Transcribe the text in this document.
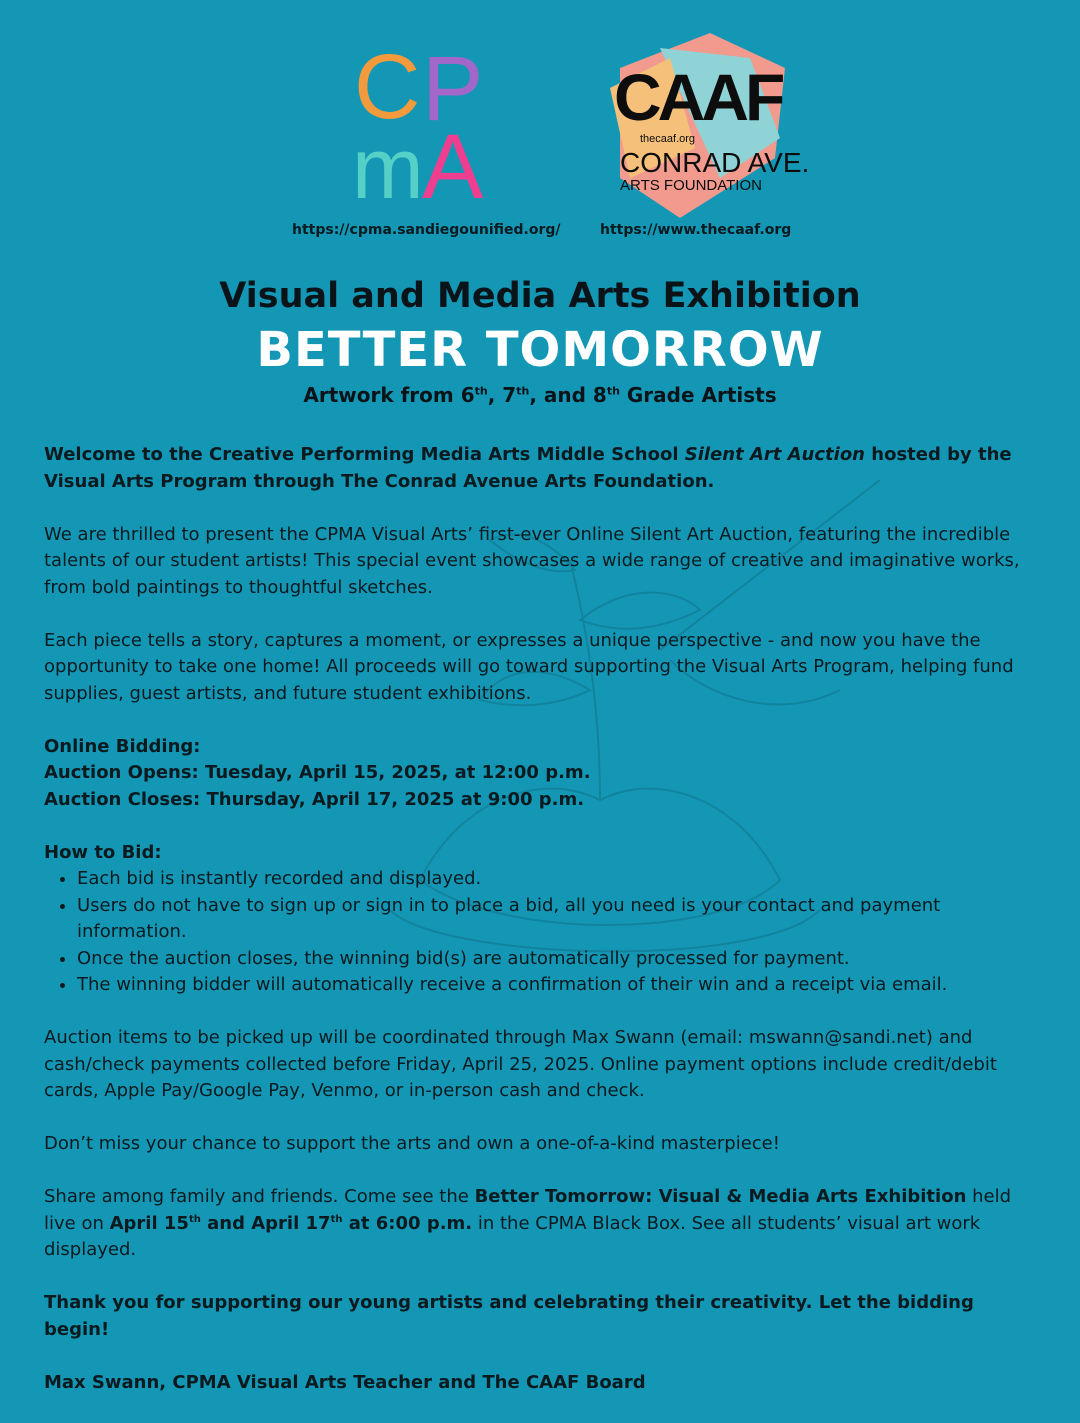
C P
m
A
CAAF
thecaaf.org
CONRAD AVE.
ARTS FOUNDATION
https://cpma.sandiegounified.org/	https://www.thecaaf.org
Visual and Media Arts Exhibition
BETTER TOMORROW
Artwork from 6th, 7th, and 8th Grade Artists

Welcome to the Creative Performing Media Arts Middle School Silent Art Auction hosted by the Visual Arts Program through The Conrad Avenue Arts Foundation.

We are thrilled to present the CPMA Visual Arts’ first-ever Online Silent Art Auction, featuring the incredible talents of our student artists! This special event showcases a wide range of creative and imaginative works, from bold paintings to thoughtful sketches.

Each piece tells a story, captures a moment, or expresses a unique perspective - and now you have the opportunity to take one home! All proceeds will go toward supporting the Visual Arts Program, helping fund supplies, guest artists, and future student exhibitions.

Online Bidding:
Auction Opens: Tuesday, April 15, 2025, at 12:00 p.m.
Auction Closes: Thursday, April 17, 2025 at 9:00 p.m.

How to Bid:
• Each bid is instantly recorded and displayed.
• Users do not have to sign up or sign in to place a bid, all you need is your contact and payment information.
• Once the auction closes, the winning bid(s) are automatically processed for payment.
• The winning bidder will automatically receive a confirmation of their win and a receipt via email.

Auction items to be picked up will be coordinated through Max Swann (email: mswann@sandi.net) and cash/check payments collected before Friday, April 25, 2025. Online payment options include credit/debit cards, Apple Pay/Google Pay, Venmo, or in-person cash and check.

Don’t miss your chance to support the arts and own a one-of-a-kind masterpiece!

Share among family and friends. Come see the Better Tomorrow: Visual & Media Arts Exhibition held live on April 15th and April 17th at 6:00 p.m. in the CPMA Black Box. See all students’ visual art work displayed.

Thank you for supporting our young artists and celebrating their creativity. Let the bidding begin!

Max Swann, CPMA Visual Arts Teacher and The CAAF Board
